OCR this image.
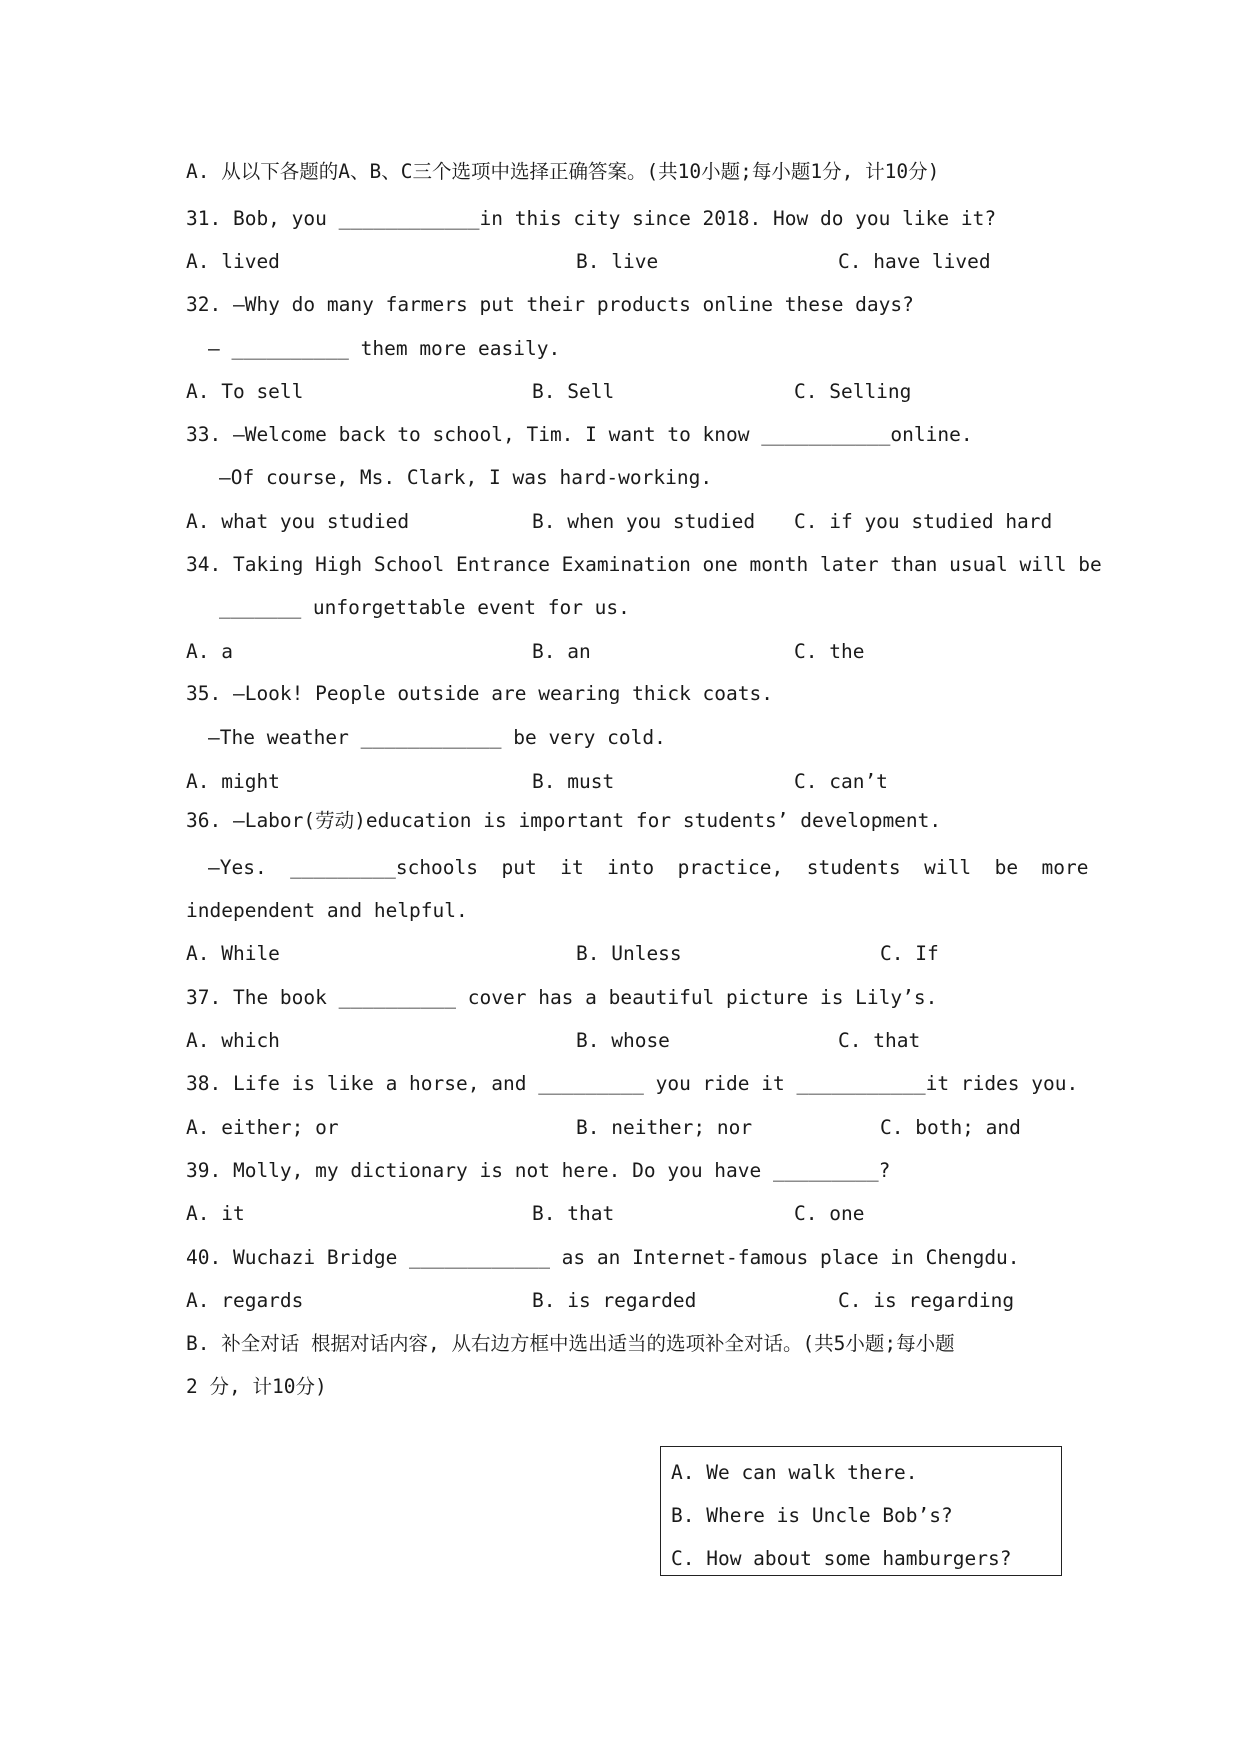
A. 从以下各题的A、B、C三个选项中选择正确答案。(共10小题;每小题1分, 计10分)
31. Bob, you ____________in this city since 2018. How do you like it?
A. lived	B. live	C. have lived
32. —Why do many farmers put their products online these days?
— __________ them more easily.
A. To sell	B. Sell	C. Selling
33. —Welcome back to school, Tim. I want to know ___________online.
—Of course, Ms. Clark, I was hard-working.
A. what you studied	B. when you studied C. if you studied hard
34. Taking High School Entrance Examination one month later than usual will be
_______ unforgettable event for us.
A. a	B. an	C. the
35. —Look! People outside are wearing thick coats.
—The weather ____________ be very cold.
A. might	B. must	C. can’t
36. —Labor(劳动)education is important for students’ development.
—Yes.  _________schools  put  it  into  practice,  students  will  be  more
independent and helpful.
A. While	B. Unless	C. If
37. The book __________ cover has a beautiful picture is Lily’s.
A. which	B. whose	C. that
38. Life is like a horse, and _________ you ride it ___________it rides you.
A. either; or	B. neither; nor	C. both; and
39. Molly, my dictionary is not here. Do you have _________?
A. it	B. that	C. one
40. Wuchazi Bridge ____________ as an Internet-famous place in Chengdu.
A. regards	B. is regarded	C. is regarding
B. 补全对话 根据对话内容, 从右边方框中选出适当的选项补全对话。(共5小题;每小题
2 分, 计10分)
A. We can walk there.
B. Where is Uncle Bob’s?
C. How about some hamburgers?
